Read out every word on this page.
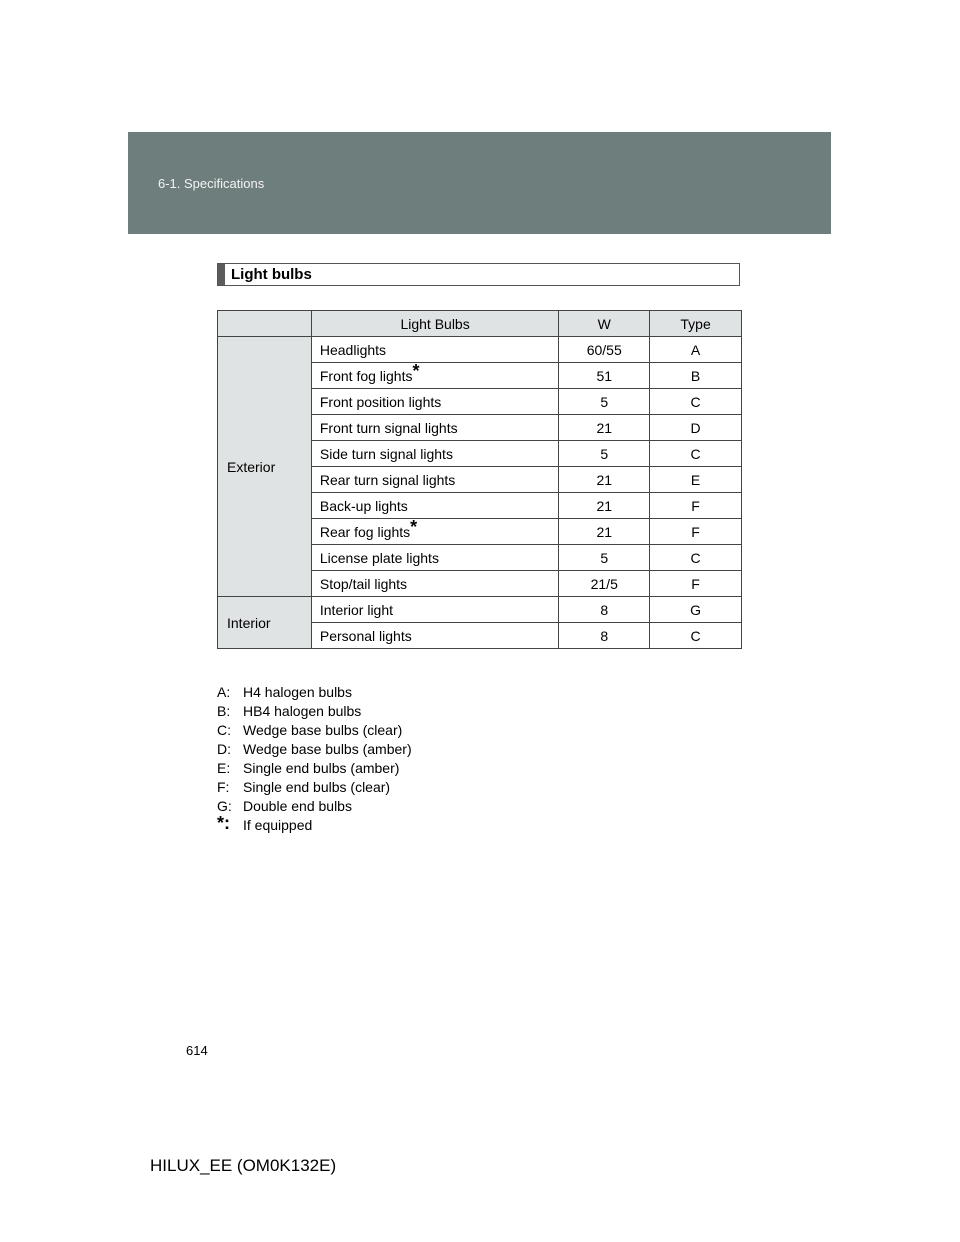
6-1. Specifications
Light bulbs
	Light Bulbs	W	Type
Exterior	Headlights	60/55	A
	Front fog lights*	51	B
	Front position lights	5	C
	Front turn signal lights	21	D
	Side turn signal lights	5	C
	Rear turn signal lights	21	E
	Back-up lights	21	F
	Rear fog lights*	21	F
	License plate lights	5	C
	Stop/tail lights	21/5	F
Interior	Interior light	8	G
	Personal lights	8	C
A: H4 halogen bulbs
B: HB4 halogen bulbs
C: Wedge base bulbs (clear)
D: Wedge base bulbs (amber)
E: Single end bulbs (amber)
F: Single end bulbs (clear)
G: Double end bulbs
*: If equipped
614
HILUX_EE (OM0K132E)
